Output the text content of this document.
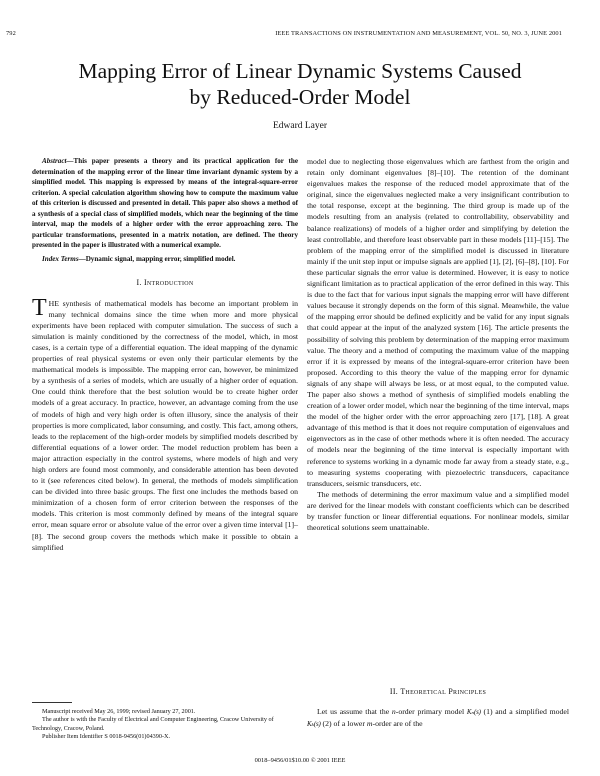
792	IEEE TRANSACTIONS ON INSTRUMENTATION AND MEASUREMENT, VOL. 50, NO. 3, JUNE 2001
Mapping Error of Linear Dynamic Systems Caused
by Reduced-Order Model
Edward Layer

Abstract—This paper presents a theory and its practical application for the determination of the mapping error of the linear time invariant dynamic system by a simplified model. This mapping is expressed by means of the integral-square-error criterion. A special calculation algorithm showing how to compute the maximum value of this criterion is discussed and presented in detail. This paper also shows a method of a synthesis of a special class of simplified models, which near the beginning of the time interval, map the models of a higher order with the error approaching zero. The particular transformations, presented in a matrix notation, are defined. The theory presented in the paper is illustrated with a numerical example.

Index Terms—Dynamic signal, mapping error, simplified model.

I. Introduction

THE synthesis of mathematical models has become an important problem in many technical domains since the time when more and more physical experiments have been replaced with computer simulation. The success of such a simulation is mainly conditioned by the correctness of the model, which, in most cases, is a certain type of a differential equation. The ideal mapping of the dynamic properties of real physical systems or even only their particular elements by the mathematical models is impossible. The mapping error can, however, be minimized by a synthesis of a series of models, which are usually of a higher order of equation. One could think therefore that the best solution would be to create higher order models of a great accuracy. In practice, however, an advantage coming from the use of models of high and very high order is often illusory, since the analysis of their properties is more complicated, labor consuming, and costly. This fact, among others, leads to the replacement of the high-order models by simplified models described by differential equations of a lower order. The model reduction problem has been a major attraction especially in the control systems, where models of high and very high orders are found most commonly, and considerable attention has been devoted to it (see references cited below). In general, the methods of models simplification can be divided into three basic groups. The first one includes the methods based on minimization of a chosen form of error criterion between the responses of the models. This criterion is most commonly defined by means of the integral square error, mean square error or absolute value of the error over a given time interval [1]–[8]. The second group covers the methods which make it possible to obtain a simplified

model due to neglecting those eigenvalues which are farthest from the origin and retain only dominant eigenvalues [8]–[10]. The retention of the dominant eigenvalues makes the response of the reduced model approximate that of the original, since the eigenvalues neglected make a very insignificant contribution to the total response, except at the beginning. The third group is made up of the models resulting from an analysis (related to controllability, observability and balance realizations) of models of a higher order and simplifying by deletion the least controllable, and therefore least observable part in these models [11]–[15]. The problem of the mapping error of the simplified model is discussed in literature mainly if the unit step input or impulse signals are applied [1], [2], [6]–[8], [10]. For these particular signals the error value is determined. However, it is easy to notice significant limitation as to practical application of the error defined in this way. This is due to the fact that for various input signals the mapping error will have different values because it strongly depends on the form of this signal. Meanwhile, the value of the mapping error should be defined explicitly and be valid for any input signals that could appear at the input of the analyzed system [16]. The article presents the possibility of solving this problem by determination of the mapping error maximum value. The theory and a method of computing the maximum value of the mapping error if it is expressed by means of the integral-square-error criterion have been proposed. According to this theory the value of the mapping error for dynamic signals of any shape will always be less, or at most equal, to the computed value. The paper also shows a method of synthesis of simplified models enabling the creation of a lower order model, which near the beginning of the time interval, maps the model of the higher order with the error approaching zero [17], [18]. A great advantage of this method is that it does not require computation of eigenvalues and eigenvectors as in the case of other methods where it is often needed. The accuracy of models near the beginning of the time interval is especially important with reference to systems working in a dynamic mode far away from a steady state, e.g., to measuring systems cooperating with piezoelectric transducers, capacitance transducers, seismic transducers, etc.

The methods of determining the error maximum value and a simplified model are derived for the linear models with constant coefficients which can be described by transfer function or linear differential equations. For nonlinear models, similar theoretical solutions seem unattainable.

II. Theoretical Principles

Let us assume that the n-order primary model Kₙ(s) (1) and a simplified model Kₖ(s) (2) of a lower m-order are of the

Manuscript received May 26, 1999; revised January 27, 2001.

The author is with the Faculty of Electrical and Computer Engineering, Cracow University of Technology, Cracow, Poland.

Publisher Item Identifier S 0018-9456(01)04390-X.

0018–9456/01$10.00 © 2001 IEEE
